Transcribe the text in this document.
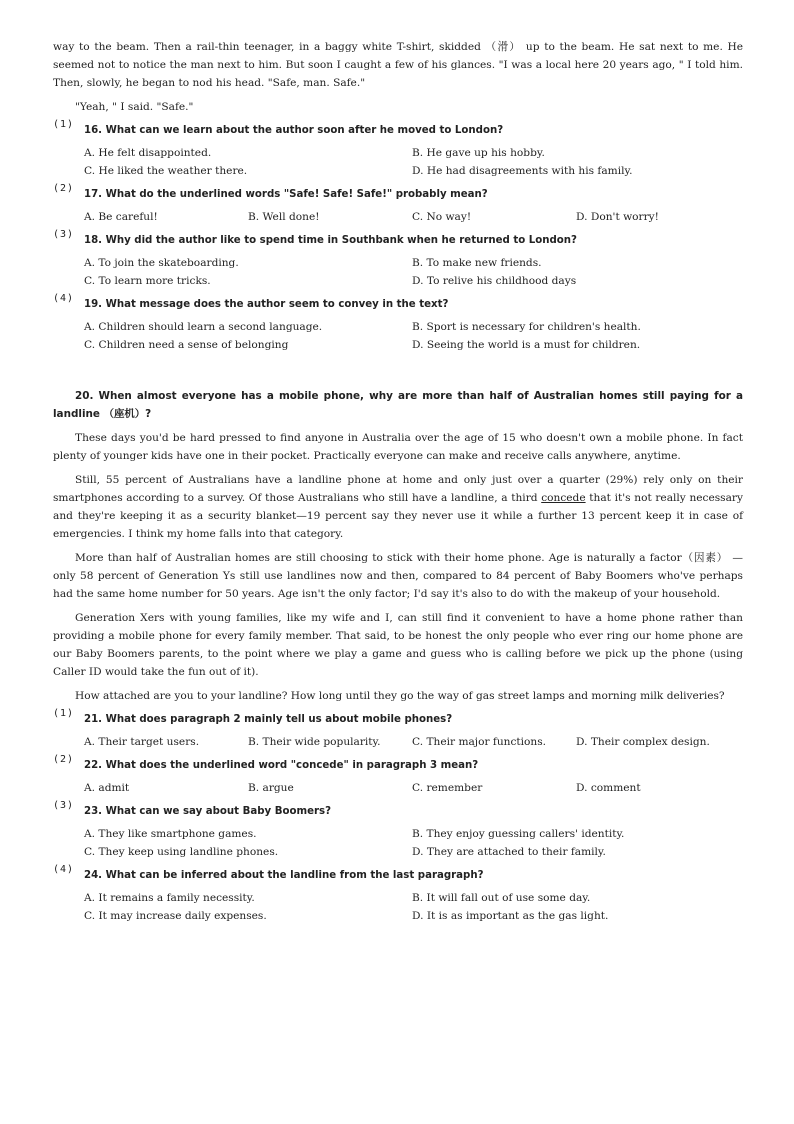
way to the beam. Then a rail-thin teenager, in a baggy white T-shirt, skidded （滑） up to the beam. He sat next to me. He seemed not to notice the man next to him. But soon I caught a few of his glances. "I was a local here 20 years ago, " I told him. Then, slowly, he began to nod his head. "Safe, man. Safe."

"Yeah, " I said. "Safe."

(1)
16. What can we learn about the author soon after he moved to London?
A. He felt disappointed.	B. He gave up his hobby.
C. He liked the weather there.	D. He had disagreements with his family.
(2)
17. What do the underlined words "Safe! Safe! Safe!" probably mean?
A. Be careful!	B. Well done!	C. No way!	D. Don't worry!
(3)
18. Why did the author like to spend time in Southbank when he returned to London?
A. To join the skateboarding.	B. To make new friends.
C. To learn more tricks.	D. To relive his childhood days
(4)
19. What message does the author seem to convey in the text?
A. Children should learn a second language.	B. Sport is necessary for children's health.
C. Children need a sense of belonging	D. Seeing the world is a must for children.

20. When almost everyone has a mobile phone, why are more than half of Australian homes still paying for a landline （座机）?

These days you'd be hard pressed to find anyone in Australia over the age of 15 who doesn't own a mobile phone. In fact plenty of younger kids have one in their pocket. Practically everyone can make and receive calls anywhere, anytime.

Still, 55 percent of Australians have a landline phone at home and only just over a quarter (29%) rely only on their smartphones according to a survey. Of those Australians who still have a landline, a third concede that it's not really necessary and they're keeping it as a security blanket—19 percent say they never use it while a further 13 percent keep it in case of emergencies. I think my home falls into that category.

More than half of Australian homes are still choosing to stick with their home phone. Age is naturally a factor（因素） —only 58 percent of Generation Ys still use landlines now and then, compared to 84 percent of Baby Boomers who've perhaps had the same home number for 50 years. Age isn't the only factor; I'd say it's also to do with the makeup of your household.

Generation Xers with young families, like my wife and I, can still find it convenient to have a home phone rather than providing a mobile phone for every family member. That said, to be honest the only people who ever ring our home phone are our Baby Boomers parents, to the point where we play a game and guess who is calling before we pick up the phone (using Caller ID would take the fun out of it).

How attached are you to your landline? How long until they go the way of gas street lamps and morning milk deliveries?

(1)
21. What does paragraph 2 mainly tell us about mobile phones?
A. Their target users.	B. Their wide popularity.	C. Their major functions.	D. Their complex design.
(2)
22. What does the underlined word "concede" in paragraph 3 mean?
A. admit	B. argue	C. remember	D. comment
(3)
23. What can we say about Baby Boomers?
A. They like smartphone games.	B. They enjoy guessing callers' identity.
C. They keep using landline phones.	D. They are attached to their family.
(4)
24. What can be inferred about the landline from the last paragraph?
A. It remains a family necessity.	B. It will fall out of use some day.
C. It may increase daily expenses.	D. It is as important as the gas light.
